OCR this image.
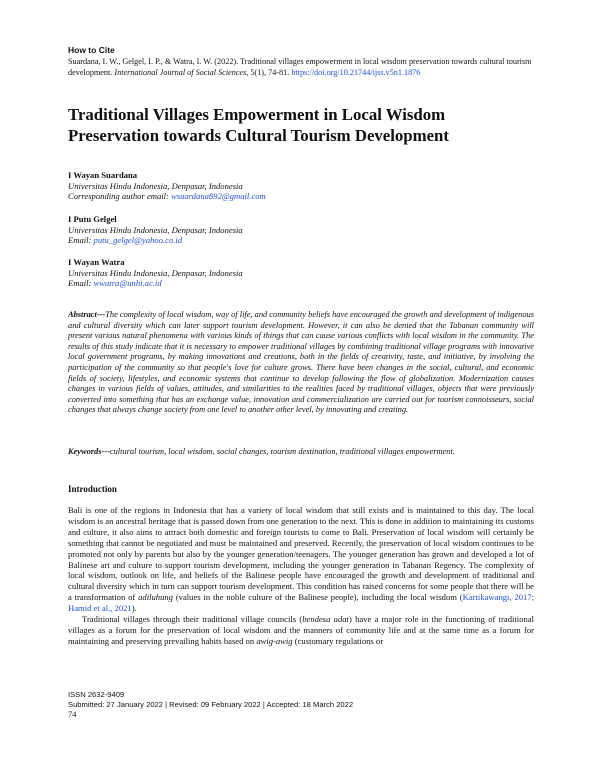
How to Cite
Suardana, I. W., Gelgel, I. P., & Watra, I. W. (2022). Traditional villages empowerment in local wisdom preservation towards cultural tourism development. International Journal of Social Sciences, 5(1), 74-81. https://doi.org/10.21744/ijss.v5n1.1876
Traditional Villages Empowerment in Local Wisdom Preservation towards Cultural Tourism Development
I Wayan Suardana
Universitas Hindu Indonesia, Denpasar, Indonesia
Corresponding author email: wsuardana892@gmail.com
I Putu Gelgel
Universitas Hindu Indonesia, Denpasar, Indonesia
Email: putu_gelgel@yahoo.co.id
I Wayan Watra
Universitas Hindu Indonesia, Denpasar, Indonesia
Email: wwatra@unhi.ac.id
Abstract---The complexity of local wisdom, way of life, and community beliefs have encouraged the growth and development of indigenous and cultural diversity which can later support tourism development. However, it can also be denied that the Tabanan community will present various natural phenomena with various kinds of things that can cause various conflicts with local wisdom in the community. The results of this study indicate that it is necessary to empower traditional villages by combining traditional village programs with innovative local government programs, by making innovations and creations, both in the fields of creativity, taste, and initiative, by involving the participation of the community so that people's love for culture grows. There have been changes in the social, cultural, and economic fields of society, lifestyles, and economic systems that continue to develop following the flow of globalization. Modernization causes changes in various fields of values, attitudes, and similarities to the realities faced by traditional villages, objects that were previously converted into something that has an exchange value, innovation and commercialization are carried out for tourism connoisseurs, social changes that always change society from one level to another other level, by innovating and creating.
Keywords---cultural tourism, local wisdom, social changes, tourism destination, traditional villages empowerment.
Introduction

Bali is one of the regions in Indonesia that has a variety of local wisdom that still exists and is maintained to this day. The local wisdom is an ancestral heritage that is passed down from one generation to the next. This is done in addition to maintaining its customs and culture, it also aims to attract both domestic and foreign tourists to come to Bali. Preservation of local wisdom will certainly be something that cannot be negotiated and must be maintained and preserved. Recently, the preservation of local wisdom continues to be promoted not only by parents but also by the younger generation/teenagers. The younger generation has grown and developed a lot of Balinese art and culture to support tourism development, including the younger generation in Tabanan Regency. The complexity of local wisdom, outlook on life, and beliefs of the Balinese people have encouraged the growth and development of traditional and cultural diversity which in turn can support tourism development. This condition has raised concerns for some people that there will be a transformation of adiluhung (values in the noble culture of the Balinese people), including the local wisdom (Kartikawangi, 2017; Hamid et al., 2021).

Traditional villages through their traditional village councils (bendesa adat) have a major role in the functioning of traditional villages as a forum for the preservation of local wisdom and the manners of community life and at the same time as a forum for maintaining and preserving prevailing habits based on awig-awig (customary regulations or

ISSN 2632-9409
Submitted: 27 January 2022 | Revised: 09 February 2022 | Accepted: 18 March 2022
74
